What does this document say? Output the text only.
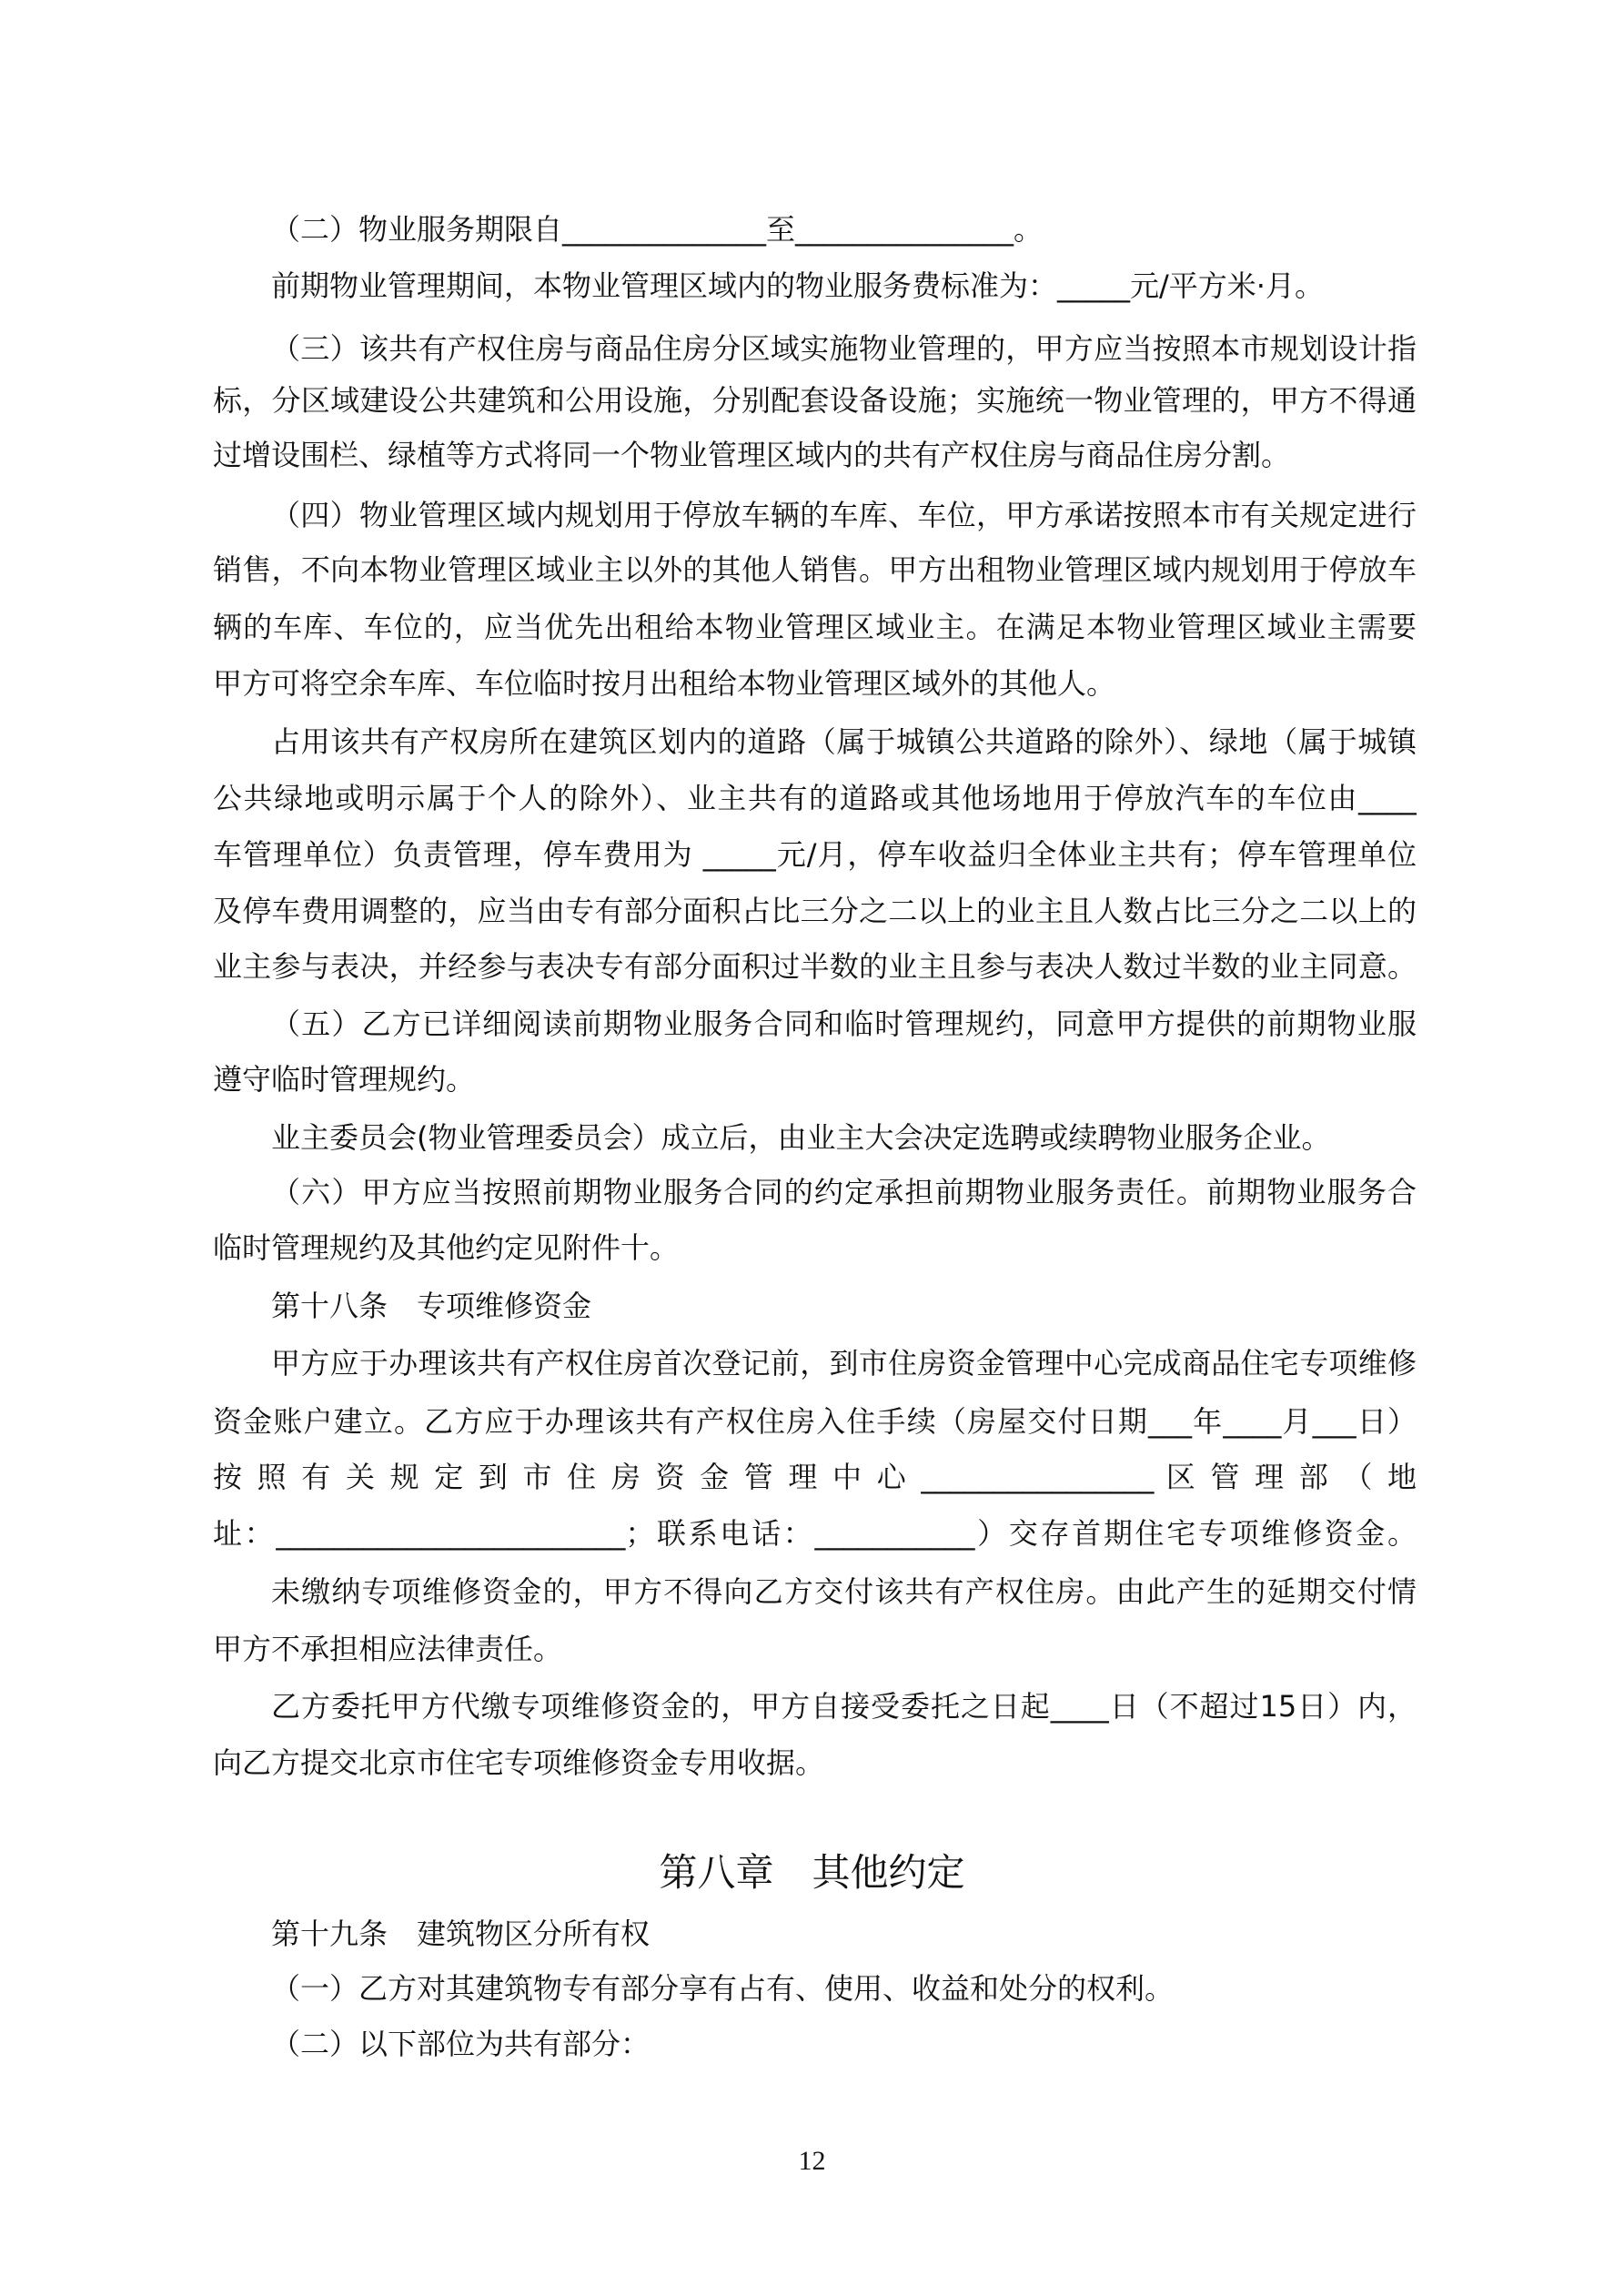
（二）物业服务期限自______________至_______________。
前期物业管理期间，本物业管理区域内的物业服务费标准为：_____元/平方米·月。
（三）该共有产权住房与商品住房分区域实施物业管理的，甲方应当按照本市规划设计指
标，分区域建设公共建筑和公用设施，分别配套设备设施；实施统一物业管理的，甲方不得通
过增设围栏、绿植等方式将同一个物业管理区域内的共有产权住房与商品住房分割。
（四）物业管理区域内规划用于停放车辆的车库、车位，甲方承诺按照本市有关规定进行
销售，不向本物业管理区域业主以外的其他人销售。甲方出租物业管理区域内规划用于停放车
辆的车库、车位的，应当优先出租给本物业管理区域业主。在满足本物业管理区域业主需要
甲方可将空余车库、车位临时按月出租给本物业管理区域外的其他人。
占用该共有产权房所在建筑区划内的道路（属于城镇公共道路的除外）、绿地（属于城镇
公共绿地或明示属于个人的除外）、业主共有的道路或其他场地用于停放汽车的车位由____
车管理单位）负责管理，停车费用为 _____元/月，停车收益归全体业主共有；停车管理单位
及停车费用调整的，应当由专有部分面积占比三分之二以上的业主且人数占比三分之二以上的
业主参与表决，并经参与表决专有部分面积过半数的业主且参与表决人数过半数的业主同意。
（五）乙方已详细阅读前期物业服务合同和临时管理规约，同意甲方提供的前期物业服
遵守临时管理规约。
业主委员会(物业管理委员会）成立后，由业主大会决定选聘或续聘物业服务企业。
（六）甲方应当按照前期物业服务合同的约定承担前期物业服务责任。前期物业服务合
临时管理规约及其他约定见附件十。
第十八条　专项维修资金
甲方应于办理该共有产权住房首次登记前，到市住房资金管理中心完成商品住宅专项维修
资金账户建立。乙方应于办理该共有产权住房入住手续（房屋交付日期___年____月___日）
按 照 有 关 规 定 到 市 住 房 资 金 管 理 中 心 ________________ 区 管 理 部 （ 地
址：________________________；联系电话：___________）交存首期住宅专项维修资金。
未缴纳专项维修资金的，甲方不得向乙方交付该共有产权住房。由此产生的延期交付情
甲方不承担相应法律责任。
乙方委托甲方代缴专项维修资金的，甲方自接受委托之日起____日（不超过15日）内，
向乙方提交北京市住宅专项维修资金专用收据。
第十九条　建筑物区分所有权
（一）乙方对其建筑物专有部分享有占有、使用、收益和处分的权利。
（二）以下部位为共有部分：
第八章　其他约定
12
